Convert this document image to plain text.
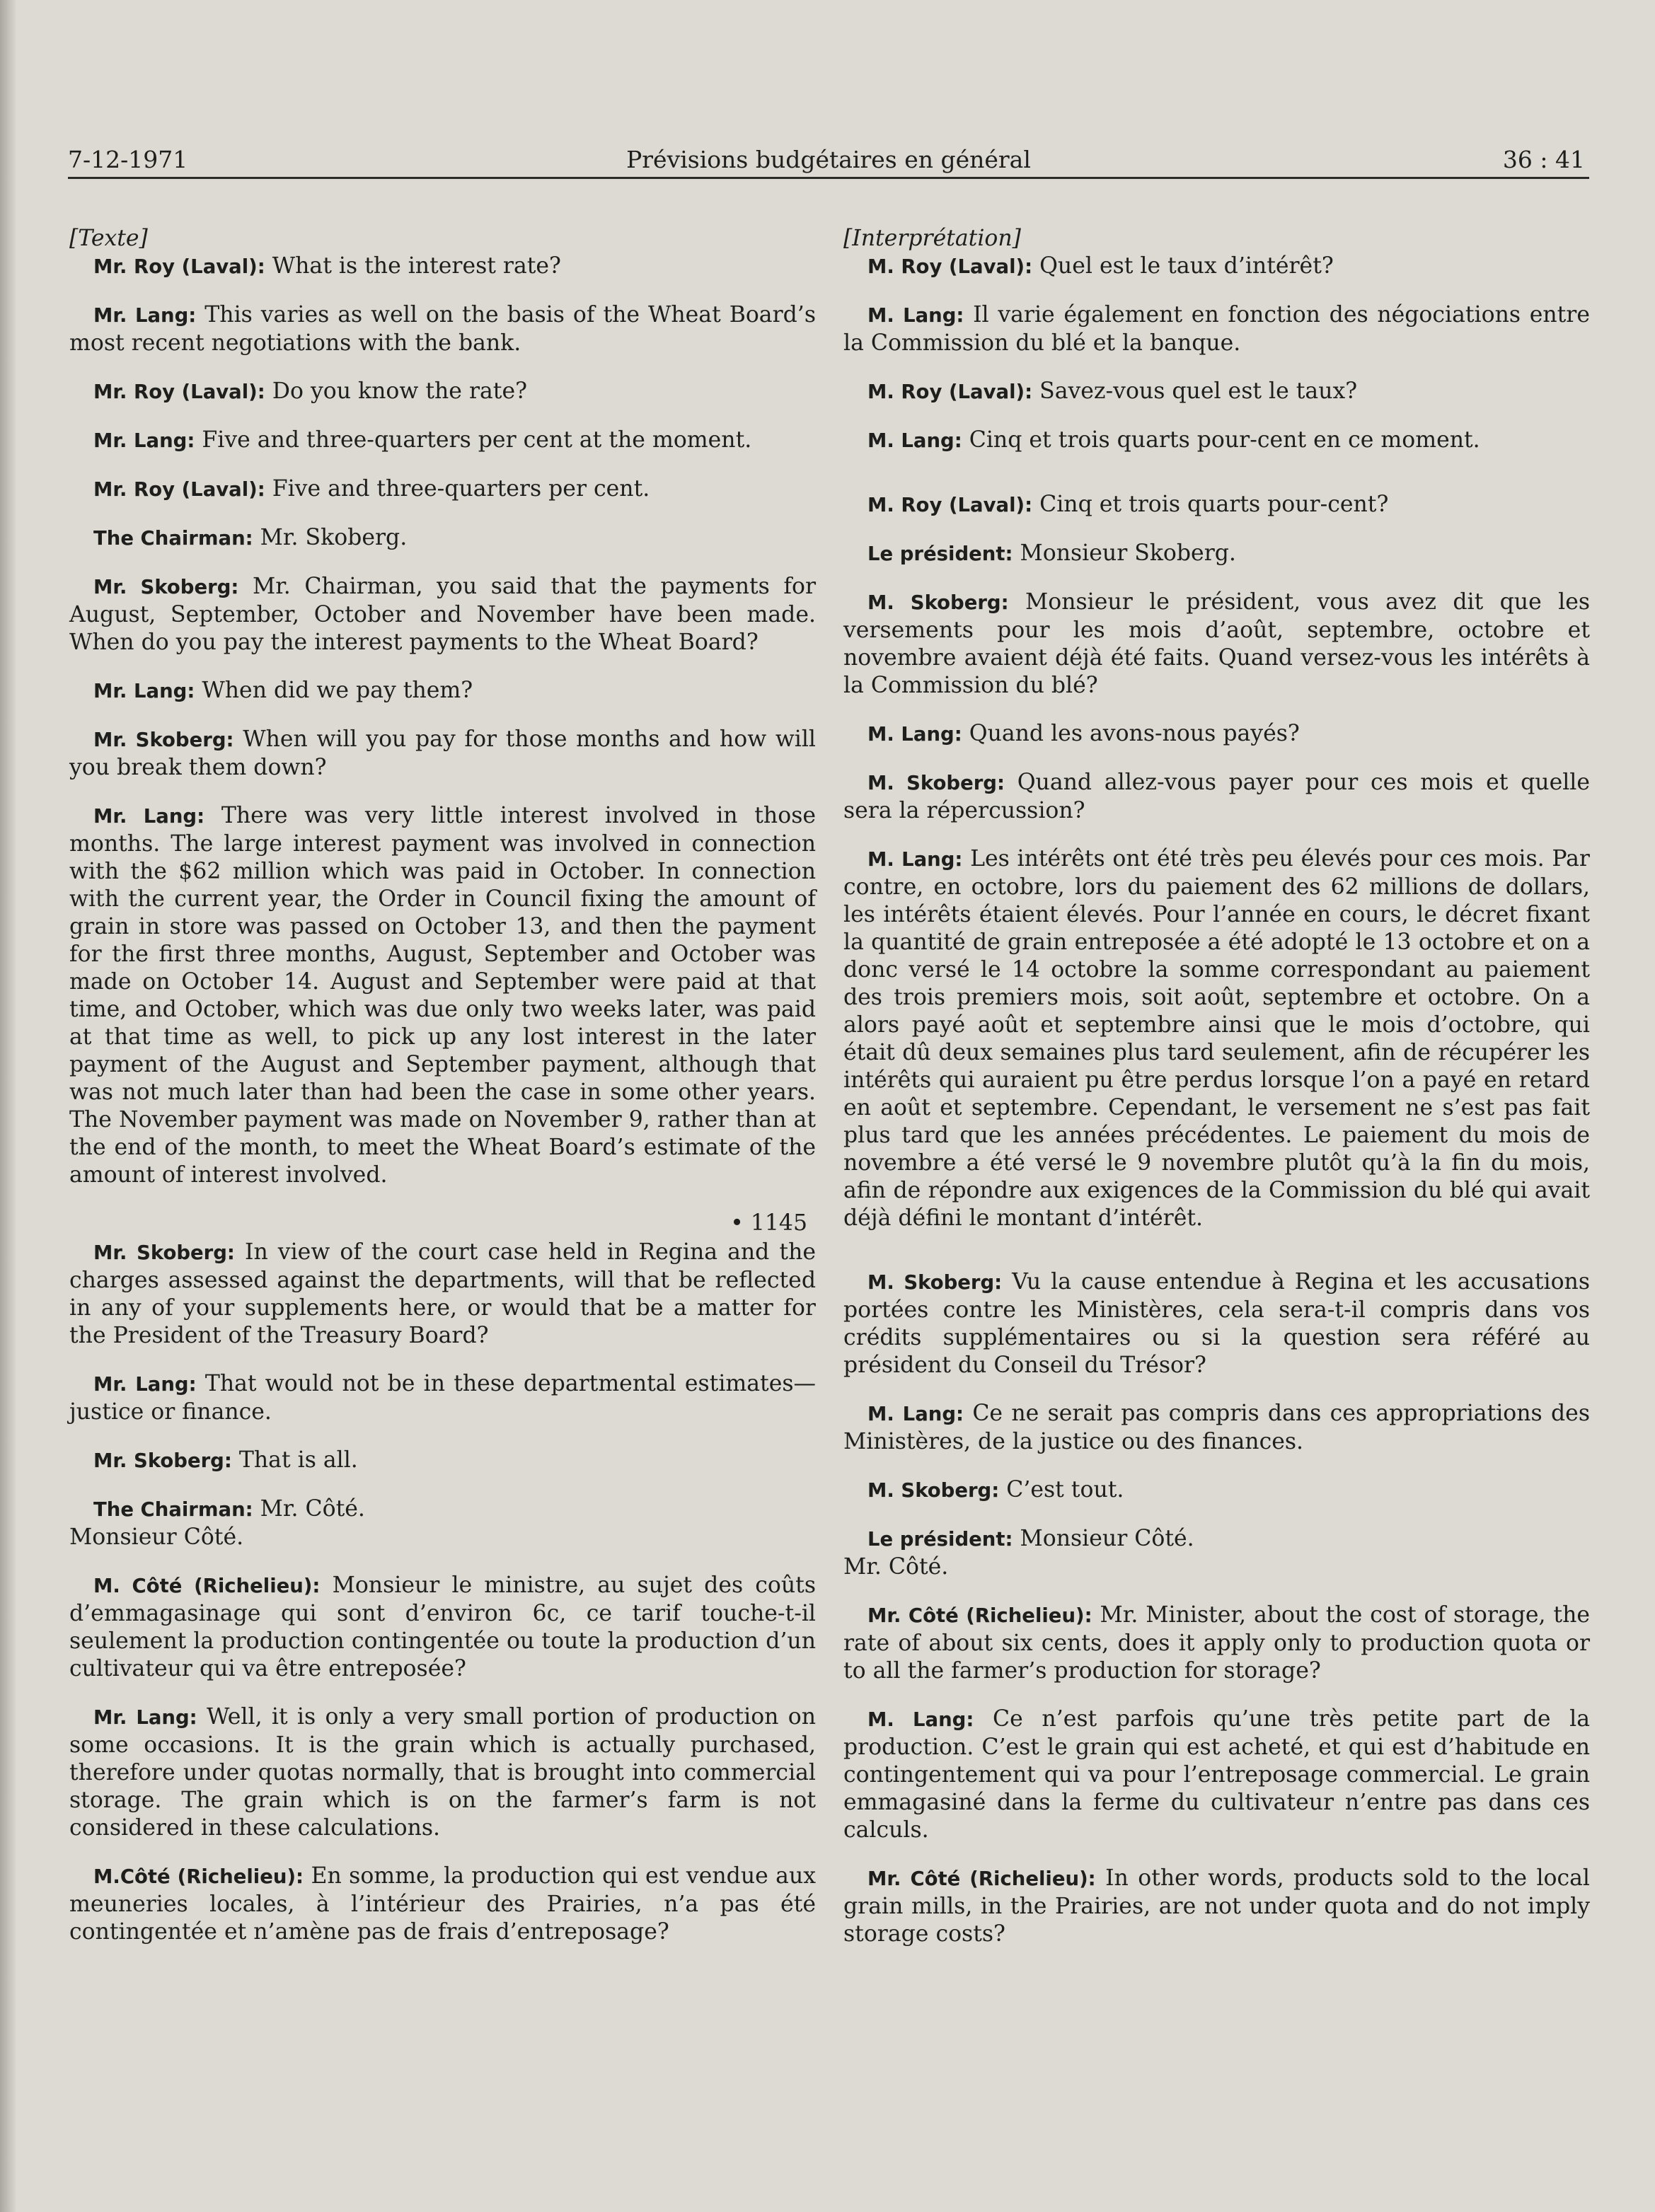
7-12-1971	Prévisions budgétaires en général	36 : 41

[Texte]

Mr. Roy (Laval): What is the interest rate?

Mr. Lang: This varies as well on the basis of the Wheat Board’s most recent negotiations with the bank.

Mr. Roy (Laval): Do you know the rate?

Mr. Lang: Five and three-quarters per cent at the moment.

Mr. Roy (Laval): Five and three-quarters per cent.

The Chairman: Mr. Skoberg.

Mr. Skoberg: Mr. Chairman, you said that the payments for August, September, October and November have been made. When do you pay the interest payments to the Wheat Board?

Mr. Lang: When did we pay them?

Mr. Skoberg: When will you pay for those months and how will you break them down?

Mr. Lang: There was very little interest involved in those months. The large interest payment was involved in connection with the $62 million which was paid in October. In connection with the current year, the Order in Council fixing the amount of grain in store was passed on October 13, and then the payment for the first three months, August, September and October was made on October 14. August and September were paid at that time, and October, which was due only two weeks later, was paid at that time as well, to pick up any lost interest in the later payment of the August and September payment, although that was not much later than had been the case in some other years. The November payment was made on November 9, rather than at the end of the month, to meet the Wheat Board’s estimate of the amount of interest involved.

• 1145

Mr. Skoberg: In view of the court case held in Regina and the charges assessed against the departments, will that be reflected in any of your supplements here, or would that be a matter for the President of the Treasury Board?

Mr. Lang: That would not be in these departmental estimates—justice or finance.

Mr. Skoberg: That is all.

The Chairman: Mr. Côté.
Monsieur Côté.

M. Côté (Richelieu): Monsieur le ministre, au sujet des coûts d’emmagasinage qui sont d’environ 6c, ce tarif touche-t-il seulement la production contingentée ou toute la production d’un cultivateur qui va être entreposée?

Mr. Lang: Well, it is only a very small portion of production on some occasions. It is the grain which is actually purchased, therefore under quotas normally, that is brought into commercial storage. The grain which is on the farmer’s farm is not considered in these calculations.

M.Côté (Richelieu): En somme, la production qui est vendue aux meuneries locales, à l’intérieur des Prairies, n’a pas été contingentée et n’amène pas de frais d’entreposage?

[Interprétation]

M. Roy (Laval): Quel est le taux d’intérêt?

M. Lang: Il varie également en fonction des négociations entre la Commission du blé et la banque.

M. Roy (Laval): Savez-vous quel est le taux?

M. Lang: Cinq et trois quarts pour-cent en ce moment.

M. Roy (Laval): Cinq et trois quarts pour-cent?

Le président: Monsieur Skoberg.

M. Skoberg: Monsieur le président, vous avez dit que les versements pour les mois d’août, septembre, octobre et novembre avaient déjà été faits. Quand versez-vous les intérêts à la Commission du blé?

M. Lang: Quand les avons-nous payés?

M. Skoberg: Quand allez-vous payer pour ces mois et quelle sera la répercussion?

M. Lang: Les intérêts ont été très peu élevés pour ces mois. Par contre, en octobre, lors du paiement des 62 millions de dollars, les intérêts étaient élevés. Pour l’année en cours, le décret fixant la quantité de grain entreposée a été adopté le 13 octobre et on a donc versé le 14 octobre la somme correspondant au paiement des trois premiers mois, soit août, septembre et octobre. On a alors payé août et septembre ainsi que le mois d’octobre, qui était dû deux semaines plus tard seulement, afin de récupérer les intérêts qui auraient pu être perdus lorsque l’on a payé en retard en août et septembre. Cependant, le versement ne s’est pas fait plus tard que les années précédentes. Le paiement du mois de novembre a été versé le 9 novembre plutôt qu’à la fin du mois, afin de répondre aux exigences de la Commission du blé qui avait déjà défini le montant d’intérêt.

M. Skoberg: Vu la cause entendue à Regina et les accusations portées contre les Ministères, cela sera-t-il compris dans vos crédits supplémentaires ou si la question sera référé au président du Conseil du Trésor?

M. Lang: Ce ne serait pas compris dans ces appropriations des Ministères, de la justice ou des finances.

M. Skoberg: C’est tout.

Le président: Monsieur Côté.
Mr. Côté.

Mr. Côté (Richelieu): Mr. Minister, about the cost of storage, the rate of about six cents, does it apply only to production quota or to all the farmer’s production for storage?

M. Lang: Ce n’est parfois qu’une très petite part de la production. C’est le grain qui est acheté, et qui est d’habitude en contingentement qui va pour l’entreposage commercial. Le grain emmagasiné dans la ferme du cultivateur n’entre pas dans ces calculs.

Mr. Côté (Richelieu): In other words, products sold to the local grain mills, in the Prairies, are not under quota and do not imply storage costs?
